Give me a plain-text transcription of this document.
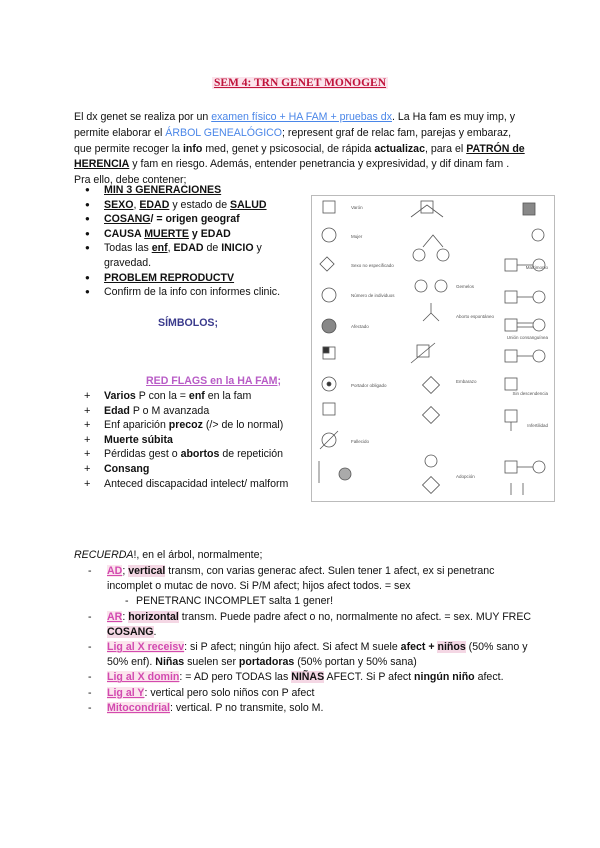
SEM 4: TRN GENET MONOGEN
El dx genet se realiza por un examen físico + HA FAM + pruebas dx. La Ha fam es muy imp, y permite elaborar el ÁRBOL GENEALÓGICO; represent graf de relac fam, parejas y embaraz, que permite recoger la info med, genet y psicosocial, de rápida actualizac, para el PATRÓN de HERENCIA y fam en riesgo. Además, entender penetrancia y expresividad, y dif dinam fam . Pra ello, debe contener;
● MIN 3 GENERACIONES
● SEXO, EDAD y estado de SALUD
● COSANG/ = origen geograf
● CAUSA MUERTE y EDAD
● Todas las enf, EDAD de INICIO y gravedad.
● PROBLEM REPRODUCTV
● Confirm de la info con informes clinic.
SÍMBOLOS;
RED FLAGS en la HA FAM;
+ Varios P con la = enf en la fam
+ Edad P o M avanzada
+ Enf aparición precoz (/> de lo normal)
+ Muerte súbita
+ Pérdidas gest o abortos de repetición
+ Consang
+ Anteced discapacidad intelect/ malform
Varón
Mujer
Sexo no especificado
Número de individuos
Afectado
Portador obligado
Fallecido
Embarazo
Gemelos
Aborto espontáneo
Matrimonio
Unión consanguínea
Sin descendencia
Infertilidad
Adopción
RECUERDA!, en el árbol, normalmente;
- AD; vertical transm, con varias generac afect. Sulen tener 1 afect, ex si penetranc incomplet o mutac de novo. Si P/M afect; hijos afect todos. = sex
- PENETRANC INCOMPLET salta 1 gener!
- AR: horizontal transm. Puede padre afect o no, normalmente no afect. = sex. MUY FREC COSANG.
- Lig al X receisv: si P afect; ningún hijo afect. Si afect M suele afect + niños (50% sano y 50% enf). Niñas suelen ser portadoras (50% portan y 50% sana)
- Lig al X domin: = AD pero TODAS las NIÑAS AFECT. Si P afect ningún niño afect.
- Lig al Y: vertical pero solo niños con P afect
- Mitocondrial: vertical. P no transmite, solo M.
